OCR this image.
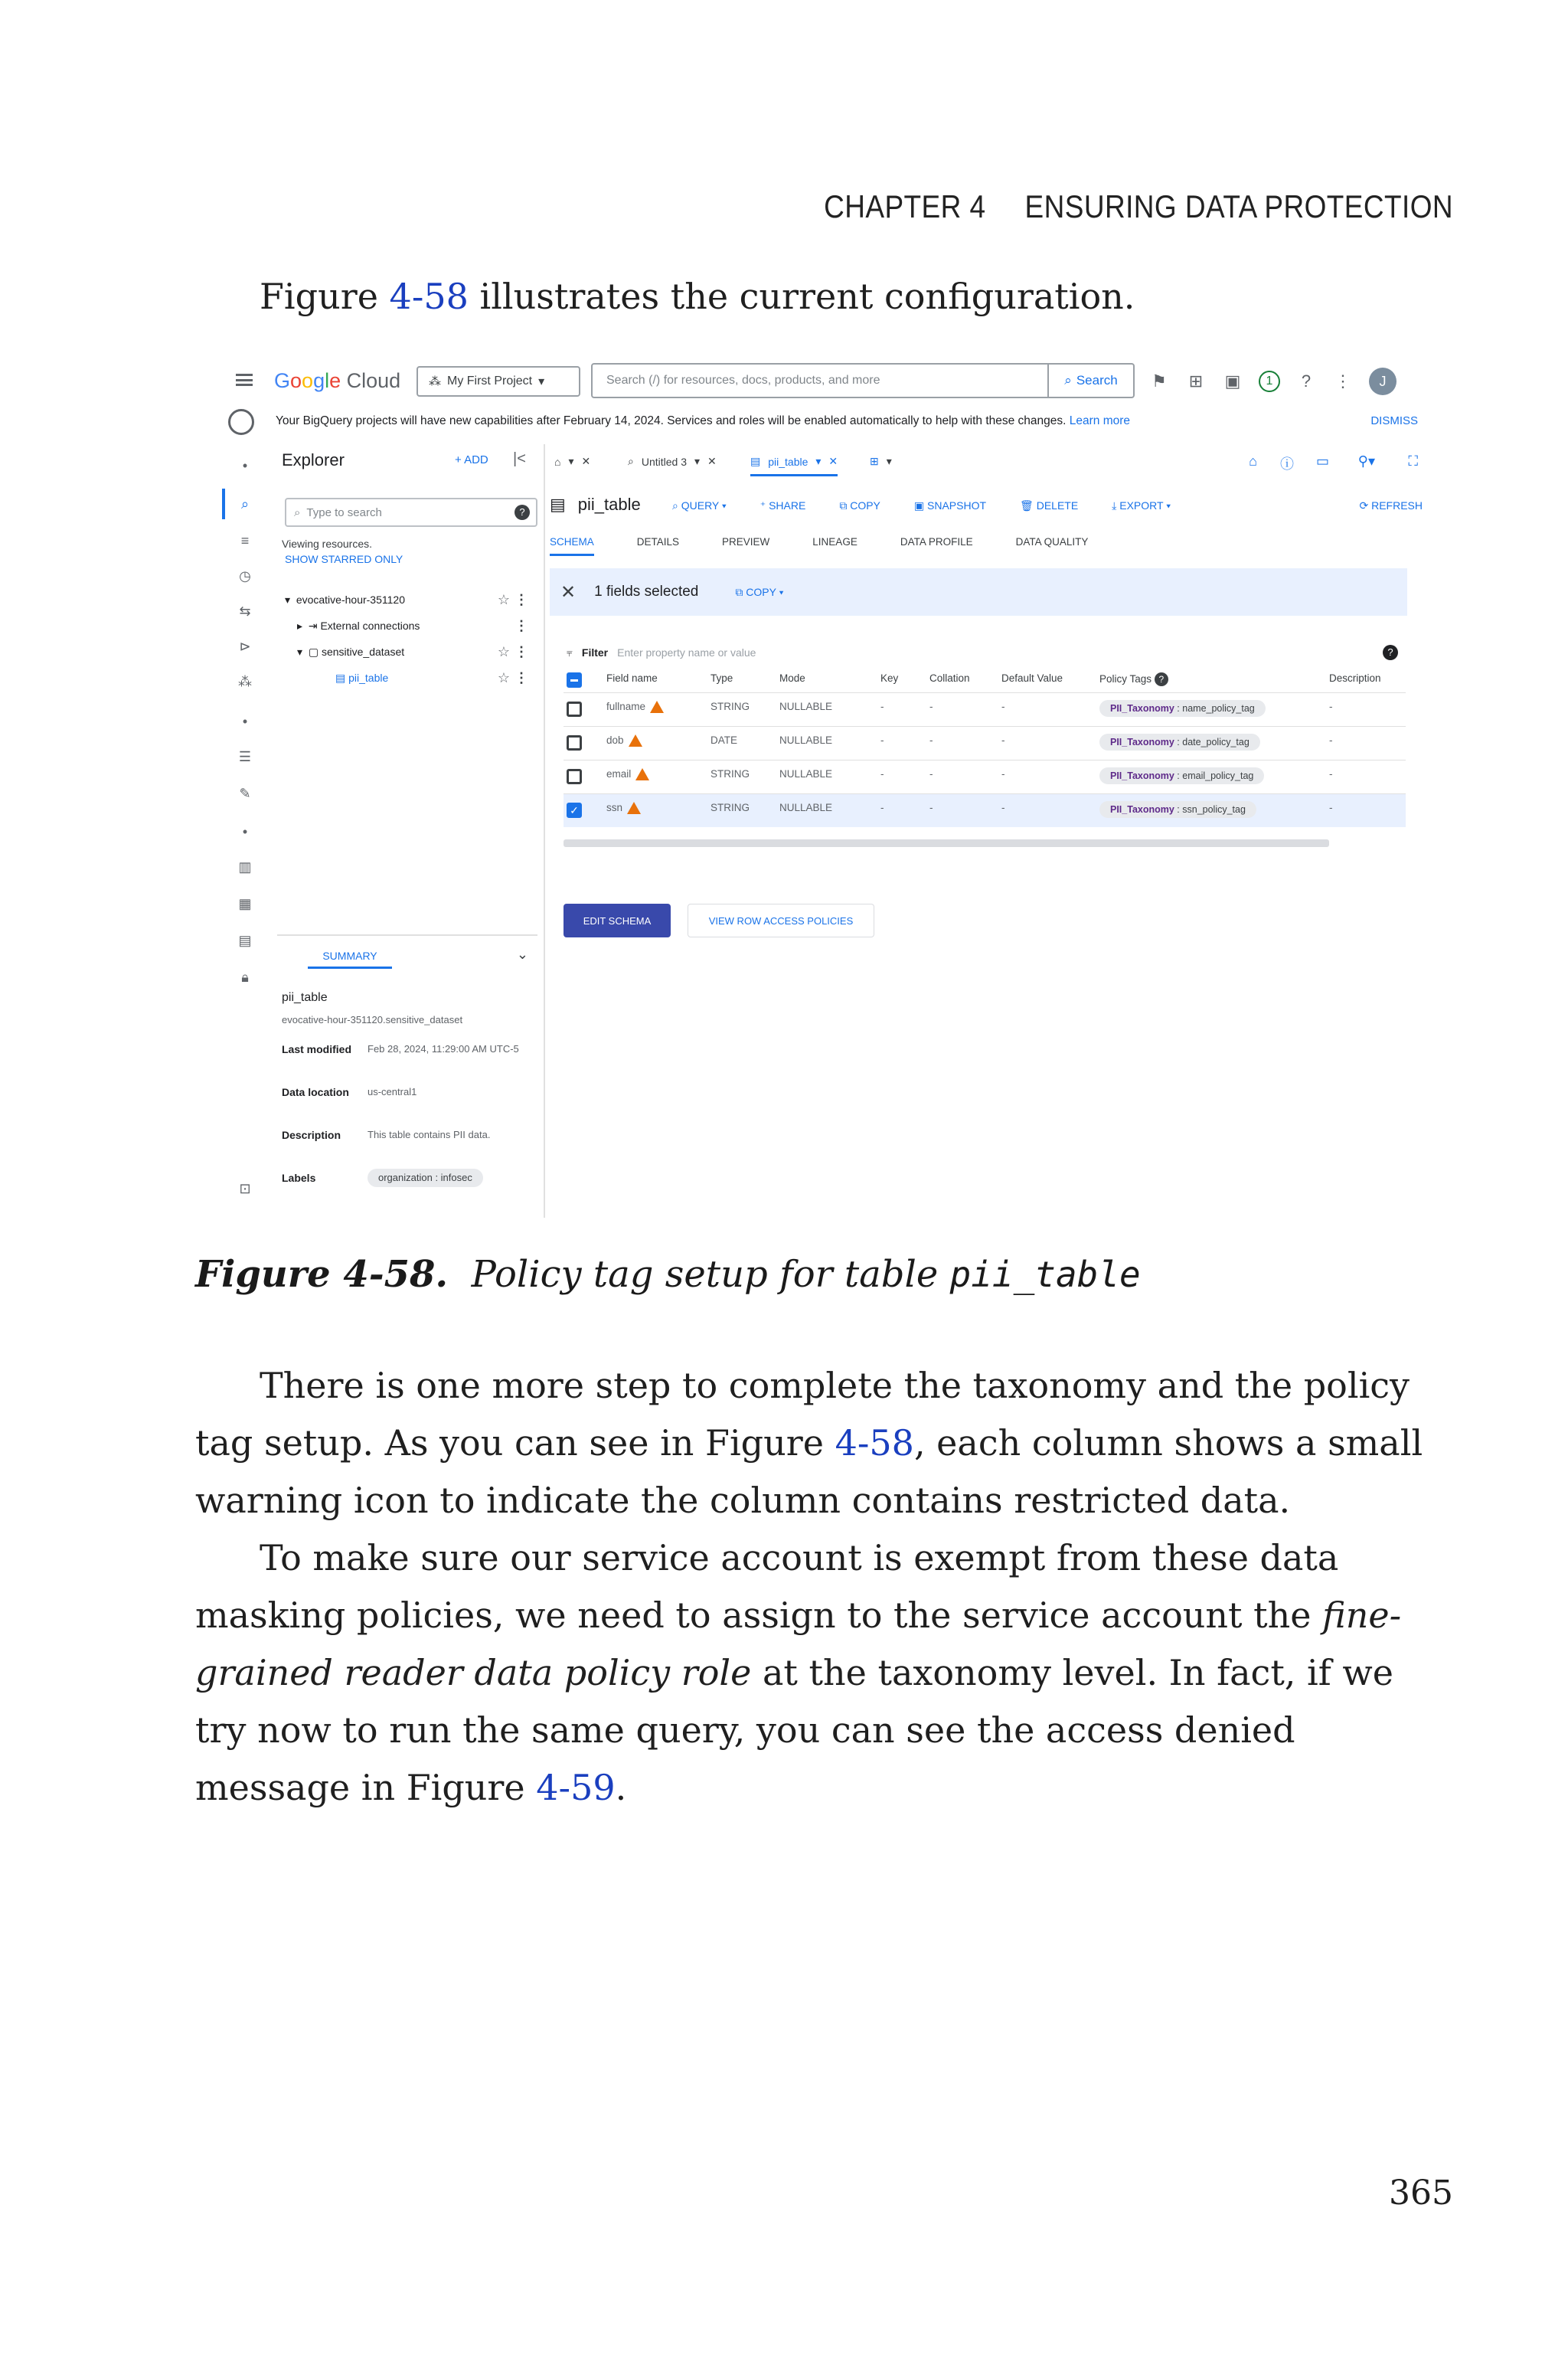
CHAPTER 4 ENSURING DATA PROTECTION
Figure 4-58 illustrates the current configuration.
Google Cloud ⁂ My First Project ▾	Search (/) for resources, docs, products, and more	⌕ Search ⚑ ⊞ ▣	1	?	⋮	J
Your BigQuery projects will have new capabilities after February 14, 2024. Services and roles will be enabled automatically to help with these changes. Learn more	DISMISS
•
⌕
≡
◷
⇆
⊳
⁂
•
☰
✎
•
▥
▦
▤
🔒︎
⊡
Explorer	+ ADD |<
⌕ Type to search	?
Viewing resources.
SHOW STARRED ONLY
▾
evocative-hour-351120	☆ ⋮
▸
⇥
External connections	⋮
▾
▢
sensitive_dataset	☆ ⋮
▤
pii_table	☆ ⋮
SUMMARY	⌄
pii_table
evocative-hour-351120.sensitive_dataset
Last modified	Feb 28, 2024, 11:29:00 AM UTC-5
Data location	us-central1
Description	This table contains PII data.
Labels	organization : infosec
⌂ ▾ ✕	⌕ Untitled 3 ▾ ✕	▤ pii_table ▾ ✕	⊞ ▾	⌂ ⓘ ▭ ⚲▾ ⛶
▤ pii_table	⌕ QUERY ▾	⁺ SHARE	⧉ COPY	▣ SNAPSHOT	🗑︎ DELETE	⤓ EXPORT ▾	⟳ REFRESH
SCHEMA	DETAILS	PREVIEW	LINEAGE	DATA PROFILE	DATA QUALITY
✕ 1 fields selected	⧉ COPY ▾
⫧ Filter Enter property name or value	?
Field name	Type	Mode	Key	Collation	Default Value	Policy Tags ?	Description
fullname	STRING	NULLABLE	-	-	-	PII_Taxonomy : name_policy_tag	-
dob	DATE	NULLABLE	-	-	-	PII_Taxonomy : date_policy_tag	-
email	STRING	NULLABLE	-	-	-	PII_Taxonomy : email_policy_tag	-
✓	ssn	STRING	NULLABLE	-	-	-	PII_Taxonomy : ssn_policy_tag	-
EDIT SCHEMA	VIEW ROW ACCESS POLICIES
Figure 4-58. Policy tag setup for table pii_table
There is one more step to complete the taxonomy and the policy tag setup. As you can see in Figure 4-58, each column shows a small warning icon to indicate the column contains restricted data.
To make sure our service account is exempt from these data masking policies, we need to assign to the service account the fine-grained reader data policy role at the taxonomy level. In fact, if we try now to run the same query, you can see the access denied message in Figure 4-59.
365
